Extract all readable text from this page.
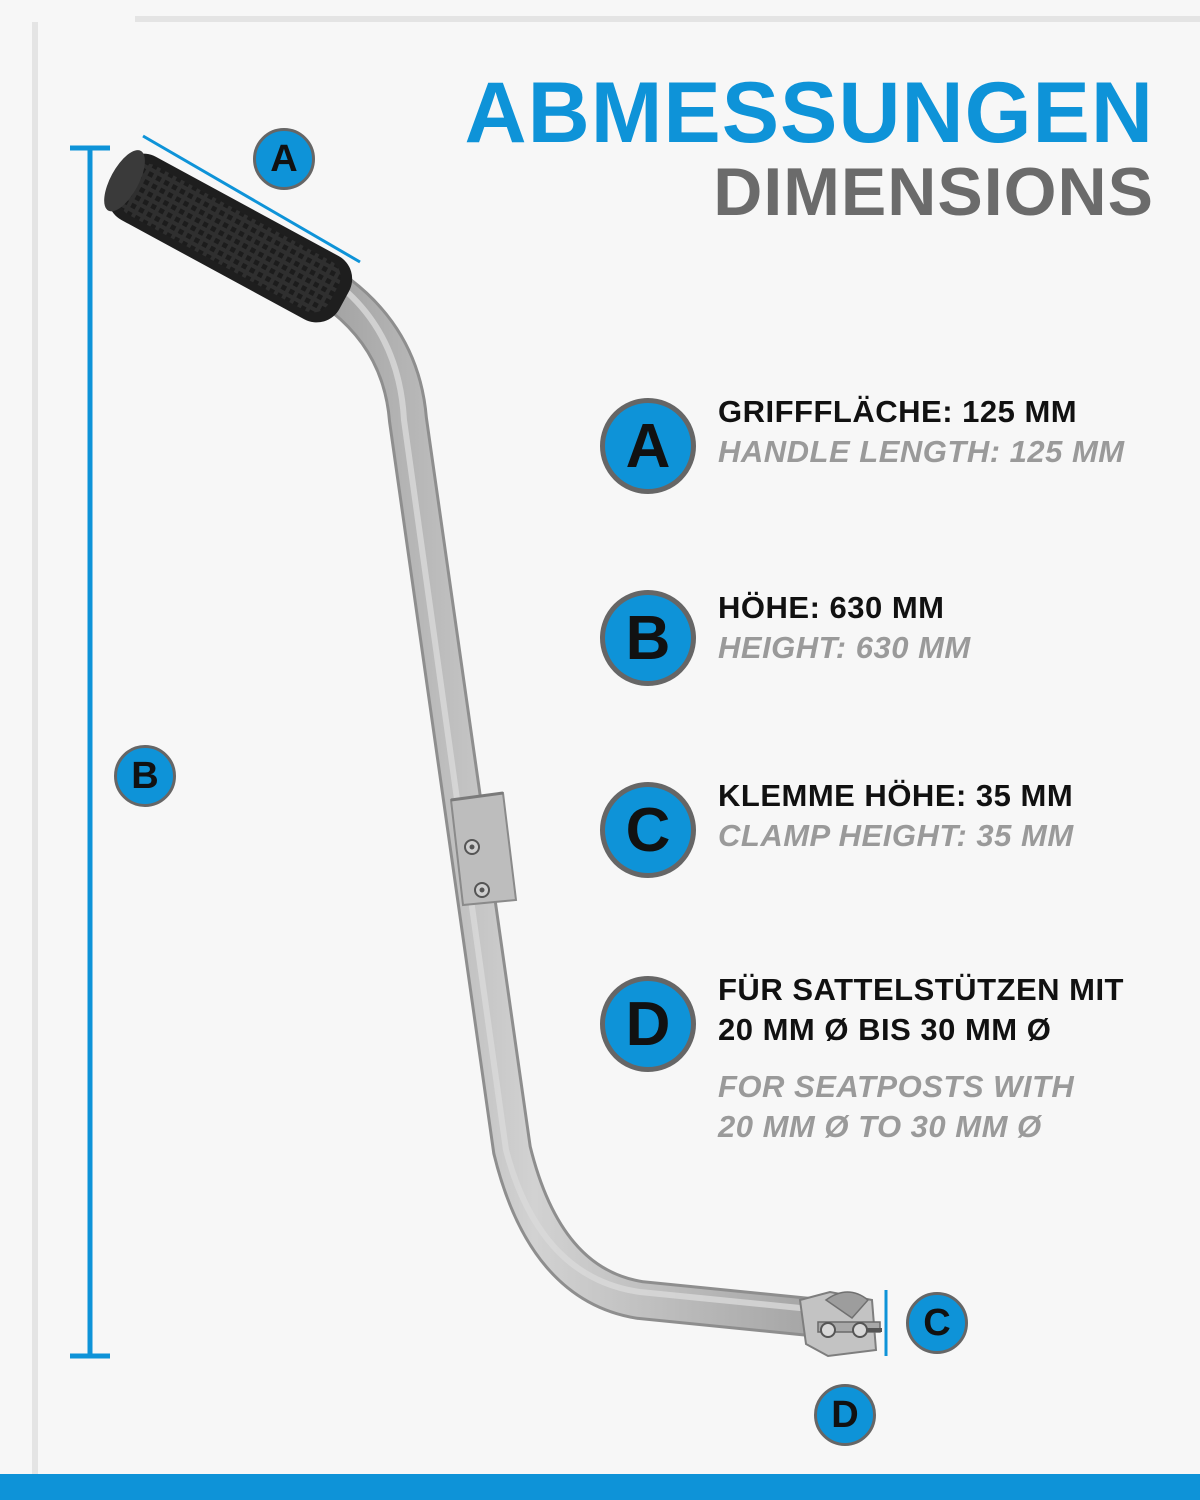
ABMESSUNGEN
DIMENSIONS
A
B
C
D
A GRIFFFLÄCHE: 125 MM
HANDLE LENGTH: 125 MM
B HÖHE: 630 MM
HEIGHT: 630 MM
C KLEMME HÖHE: 35 MM
CLAMP HEIGHT: 35 MM
D FÜR SATTELSTÜTZEN MIT
20 MM Ø BIS 30 MM Ø
FOR SEATPOSTS WITH
20 MM Ø TO 30 MM Ø
